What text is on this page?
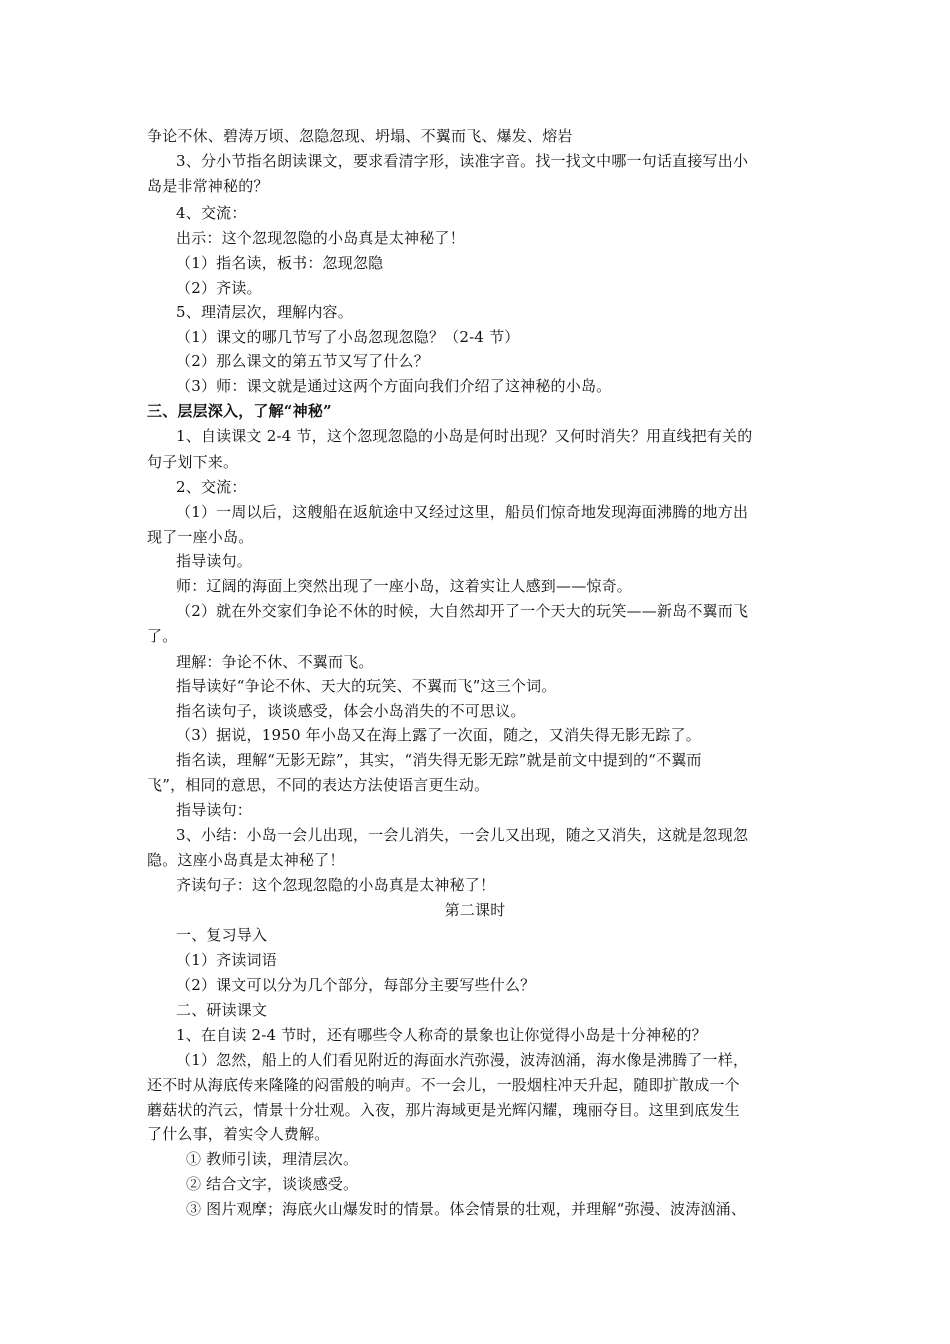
争论不休、碧涛万顷、忽隐忽现、坍塌、不翼而飞、爆发、熔岩
3、分小节指名朗读课文，要求看清字形，读准字音。找一找文中哪一句话直接写出小
岛是非常神秘的？
4、交流：
出示：这个忽现忽隐的小岛真是太神秘了！
（1）指名读，板书：忽现忽隐
（2）齐读。
5、理清层次，理解内容。
（1）课文的哪几节写了小岛忽现忽隐？（2-4 节）
（2）那么课文的第五节又写了什么？
（3）师：课文就是通过这两个方面向我们介绍了这神秘的小岛。
三、层层深入，了解“神秘”
1、自读课文 2-4 节，这个忽现忽隐的小岛是何时出现？又何时消失？用直线把有关的
句子划下来。
2、交流：
（1）一周以后，这艘船在返航途中又经过这里，船员们惊奇地发现海面沸腾的地方出
现了一座小岛。
指导读句。
师：辽阔的海面上突然出现了一座小岛，这着实让人感到——惊奇。
（2）就在外交家们争论不休的时候，大自然却开了一个天大的玩笑——新岛不翼而飞
了。
理解：争论不休、不翼而飞。
指导读好“争论不休、天大的玩笑、不翼而飞”这三个词。
指名读句子，谈谈感受，体会小岛消失的不可思议。
（3）据说，1950 年小岛又在海上露了一次面，随之，又消失得无影无踪了。
指名读，理解“无影无踪”，其实，“消失得无影无踪”就是前文中提到的“不翼而
飞”，相同的意思，不同的表达方法使语言更生动。
指导读句：
3、小结：小岛一会儿出现，一会儿消失，一会儿又出现，随之又消失，这就是忽现忽
隐。这座小岛真是太神秘了！
齐读句子：这个忽现忽隐的小岛真是太神秘了！
第二课时
一、复习导入
（1）齐读词语
（2）课文可以分为几个部分，每部分主要写些什么？
二、研读课文
1、在自读 2-4 节时，还有哪些令人称奇的景象也让你觉得小岛是十分神秘的？
（1）忽然，船上的人们看见附近的海面水汽弥漫，波涛汹涌，海水像是沸腾了一样，
还不时从海底传来隆隆的闷雷般的响声。不一会儿，一股烟柱冲天升起，随即扩散成一个
蘑菇状的汽云，情景十分壮观。入夜，那片海域更是光辉闪耀，瑰丽夺目。这里到底发生
了什么事，着实令人费解。
① 教师引读，理清层次。
② 结合文字，谈谈感受。
③ 图片观摩；海底火山爆发时的情景。体会情景的壮观，并理解“弥漫、波涛汹涌、
